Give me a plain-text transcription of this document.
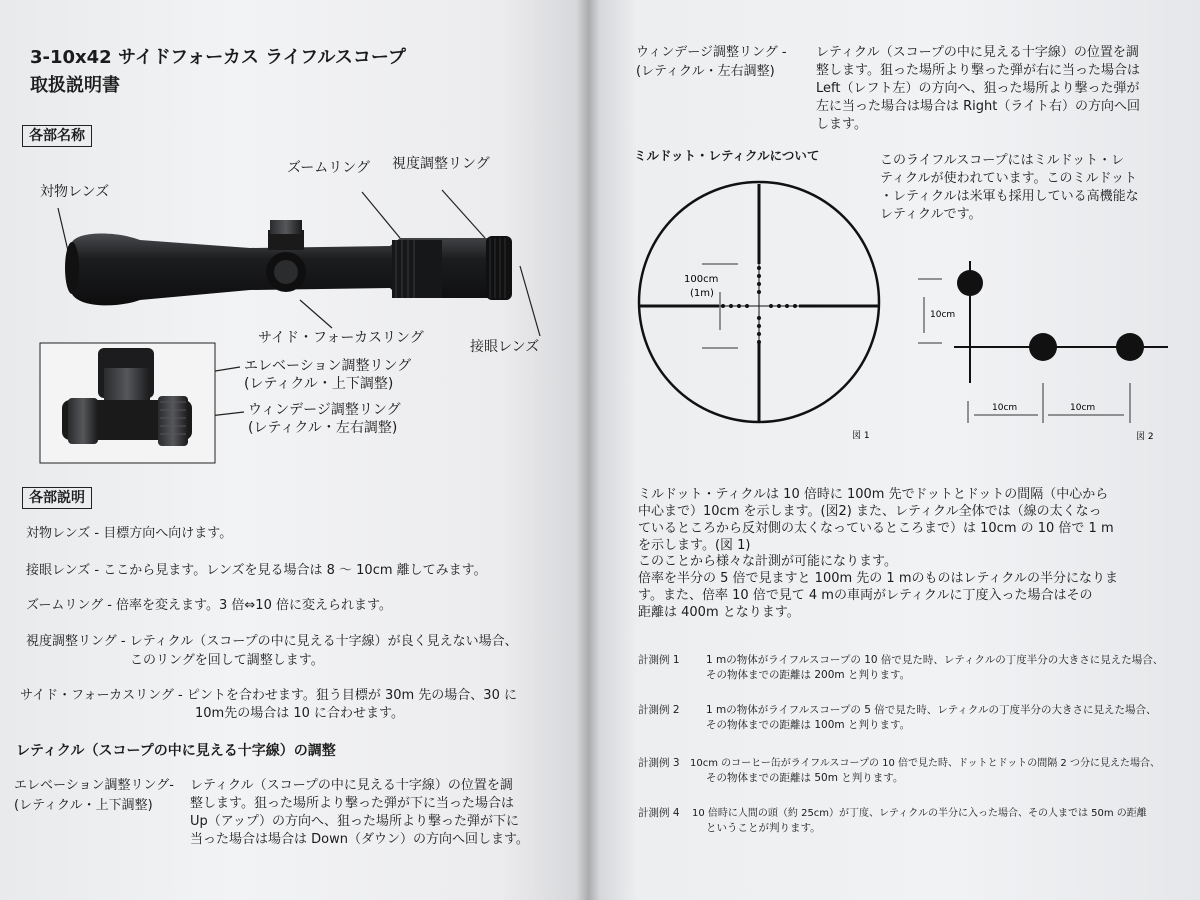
3-10x42 サイドフォーカス ライフルスコープ
取扱説明書
各部名称
対物レンズ
ズームリング 視度調整リング
サイド・フォーカスリング
接眼レンズ
エレベーション調整リング
(レティクル・上下調整)
ウィンデージ調整リング
(レティクル・左右調整)
各部説明
対物レンズ - 目標方向へ向けます。
接眼レンズ - ここから見ます。レンズを見る場合は 8 ～ 10cm 離してみます。
ズームリング - 倍率を変えます。3 倍⇔10 倍に変えられます。
視度調整リング - レティクル（スコープの中に見える十字線）が良く見えない場合、
このリングを回して調整します。
サイド・フォーカスリング - ピントを合わせます。狙う目標が 30m 先の場合、30 に
10m先の場合は 10 に合わせます。
レティクル（スコープの中に見える十字線）の調整
エレベーション調整リング-
(レティクル・上下調整)
レティクル（スコープの中に見える十字線）の位置を調
整します。狙った場所より撃った弾が下に当った場合は
Up（アップ）の方向へ、狙った場所より撃った弾が下に
当った場合は場合は Down（ダウン）の方向へ回します。
ウィンデージ調整リング -
(レティクル・左右調整)
レティクル（スコープの中に見える十字線）の位置を調
整します。狙った場所より撃った弾が右に当った場合は
Left（レフト左）の方向へ、狙った場所より撃った弾が
左に当った場合は場合は Right（ライト右）の方向へ回
します。
ミルドット・レティクルについて	このライフルスコープにはミルドット・レ
ティクルが使われています。このミルドット
・レティクルは米軍も採用している高機能な
レティクルです。
100cm
(1m)
図 1
10cm
10cm	10cm
図 2
ミルドット・ティクルは 10 倍時に 100m 先でドットとドットの間隔（中心から
中心まで）10cm を示します。(図2) また、レティクル全体では（線の太くなっ
ているところから反対側の太くなっているところまで）は 10cm の 10 倍で 1 m
を示します。(図 1)
このことから様々な計測が可能になります。
倍率を半分の 5 倍で見ますと 100m 先の 1 mのものはレティクルの半分になりま
す。また、倍率 10 倍で見て 4 mの車両がレティクルに丁度入った場合はその
距離は 400m となります。
計測例 1	1 mの物体がライフルスコープの 10 倍で見た時、レティクルの丁度半分の大きさに見えた場合、
その物体までの距離は 200m と判ります。
計測例 2	1 mの物体がライフルスコープの 5 倍で見た時、レティクルの丁度半分の大きさに見えた場合、
その物体までの距離は 100m と判ります。
計測例 3 10cm のコーヒー缶がライフルスコープの 10 倍で見た時、ドットとドットの間隔 2 つ分に見えた場合、
その物体までの距離は 50m と判ります。
計測例 4 10 倍時に人間の頭（約 25cm）が丁度、レティクルの半分に入った場合、その人までは 50m の距離
ということが判ります。
